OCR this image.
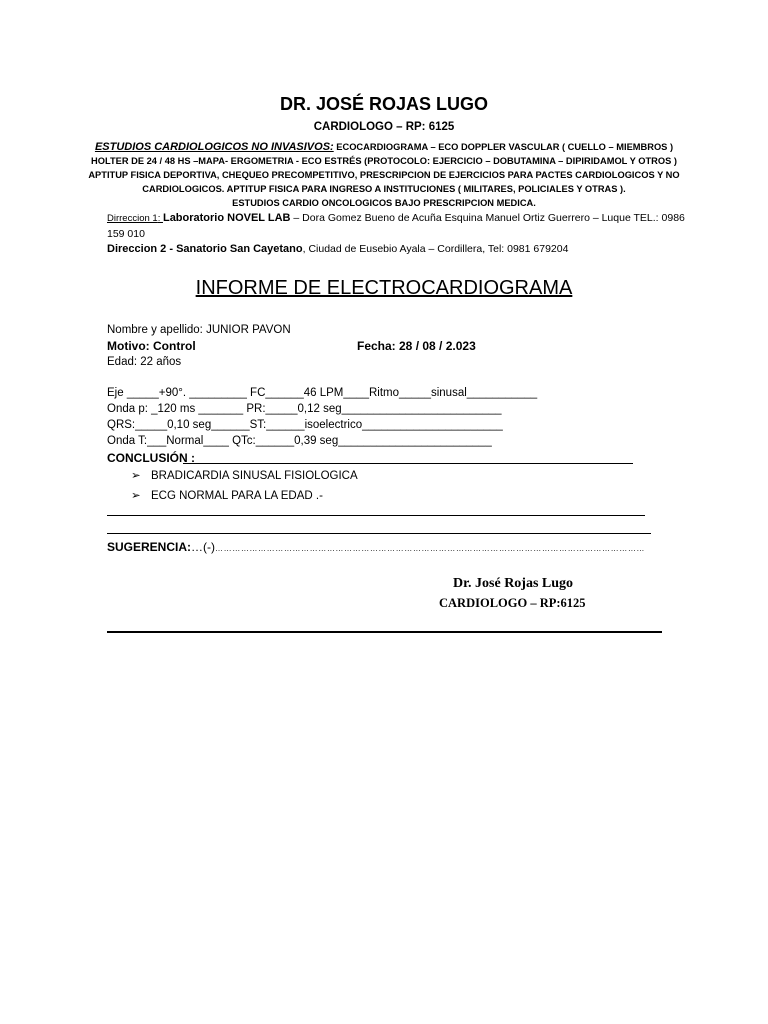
DR. JOSÉ ROJAS LUGO
CARDIOLOGO – RP: 6125
ESTUDIOS CARDIOLOGICOS NO INVASIVOS: ECOCARDIOGRAMA – ECO DOPPLER VASCULAR ( CUELLO – MIEMBROS )
HOLTER DE 24 / 48 HS –MAPA- ERGOMETRIA - ECO ESTRÉS (PROTOCOLO: EJERCICIO – DOBUTAMINA – DIPIRIDAMOL Y OTROS )
APTITUP FISICA DEPORTIVA, CHEQUEO PRECOMPETITIVO, PRESCRIPCION DE EJERCICIOS PARA PACTES CARDIOLOGICOS Y NO
CARDIOLOGICOS. APTITUP FISICA PARA INGRESO A INSTITUCIONES ( MILITARES, POLICIALES Y OTRAS ).
ESTUDIOS CARDIO ONCOLOGICOS BAJO PRESCRIPCION MEDICA.
Dirreccion 1: Laboratorio NOVEL LAB – Dora Gomez Bueno de Acuña Esquina Manuel Ortiz Guerrero – Luque TEL.: 0986
159 010
Direccion 2 - Sanatorio San Cayetano, Ciudad de Eusebio Ayala – Cordillera, Tel: 0981 679204
INFORME DE ELECTROCARDIOGRAMA
Nombre y apellido: JUNIOR PAVON
Motivo: Control	Fecha: 28 / 08 / 2.023
Edad: 22 años
Eje _____+90°. _________ FC______46 LPM____Ritmo_____sinusal___________
Onda p: _120 ms _______ PR:_____0,12 seg_________________________
QRS:_____0,10 seg______ST:______isoelectrico______________________
Onda T:___Normal____ QTc:______0,39 seg________________________
CONCLUSIÓN :
➢ BRADICARDIA SINUSAL FISIOLOGICA
➢ ECG NORMAL PARA LA EDAD .-
SUGERENCIA:…(-)……………………………………………………………………………………………………………………………………
Dr. José Rojas Lugo
CARDIOLOGO – RP:6125
